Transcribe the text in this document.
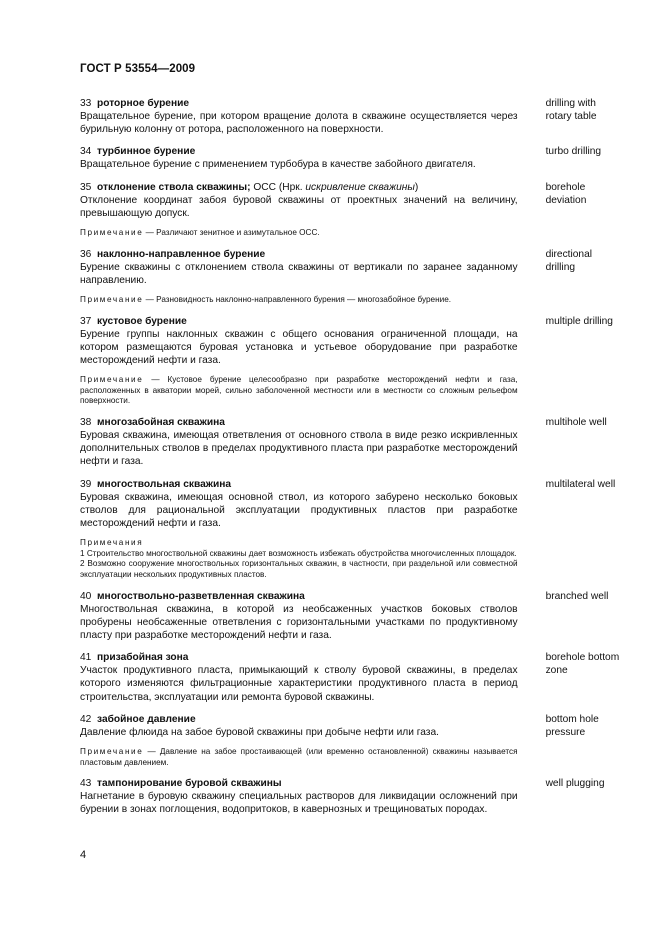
ГОСТ Р 53554—2009
33 роторное бурение
Вращательное бурение, при котором вращение долота в скважине осуществляется через бурильную колонну от ротора, расположенного на поверхности.
drilling with rotary table
34 турбинное бурение
Вращательное бурение с применением турбобура в качестве забойного двигателя.
turbo drilling
35 отклонение ствола скважины; ОСС (Нрк. искривление скважины)
Отклонение координат забоя буровой скважины от проектных значений на величину, превышающую допуск.
Примечание — Различают зенитное и азимутальное ОСС.
borehole deviation
36 наклонно-направленное бурение
Бурение скважины с отклонением ствола скважины от вертикали по заранее заданному направлению.
Примечание — Разновидность наклонно-направленного бурения — многозабойное бурение.
directional drilling
37 кустовое бурение
Бурение группы наклонных скважин с общего основания ограниченной площади, на котором размещаются буровая установка и устьевое оборудование при разработке месторождений нефти и газа.
Примечание — Кустовое бурение целесообразно при разработке месторождений нефти и газа, расположенных в акватории морей, сильно заболоченной местности или в местности со сложным рельефом поверхности.
multiple drilling
38 многозабойная скважина
Буровая скважина, имеющая ответвления от основного ствола в виде резко искривленных дополнительных стволов в пределах продуктивного пласта при разработке месторождений нефти и газа.
multihole well
39 многоствольная скважина
Буровая скважина, имеющая основной ствол, из которого забурено несколько боковых стволов для рациональной эксплуатации продуктивных пластов при разработке месторождений нефти и газа.
Примечания
1 Строительство многоствольной скважины дает возможность избежать обустройства многочисленных площадок.
2 Возможно сооружение многоствольных горизонтальных скважин, в частности, при раздельной или совместной эксплуатации нескольких продуктивных пластов.
multilateral well
40 многоствольно-разветвленная скважина
Многоствольная скважина, в которой из необсаженных участков боковых стволов пробурены необсаженные ответвления с горизонтальными участками по продуктивному пласту при разработке месторождений нефти и газа.
branched well
41 призабойная зона
Участок продуктивного пласта, примыкающий к стволу буровой скважины, в пределах которого изменяются фильтрационные характеристики продуктивного пласта в период строительства, эксплуатации или ремонта буровой скважины.
borehole bottom zone
42 забойное давление
Давление флюида на забое буровой скважины при добыче нефти или газа.
Примечание — Давление на забое простаивающей (или временно остановленной) скважины называется пластовым давлением.
bottom hole pressure
43 тампонирование буровой скважины
Нагнетание в буровую скважину специальных растворов для ликвидации осложнений при бурении в зонах поглощения, водопритоков, в кавернозных и трещиноватых породах.
well plugging
4
